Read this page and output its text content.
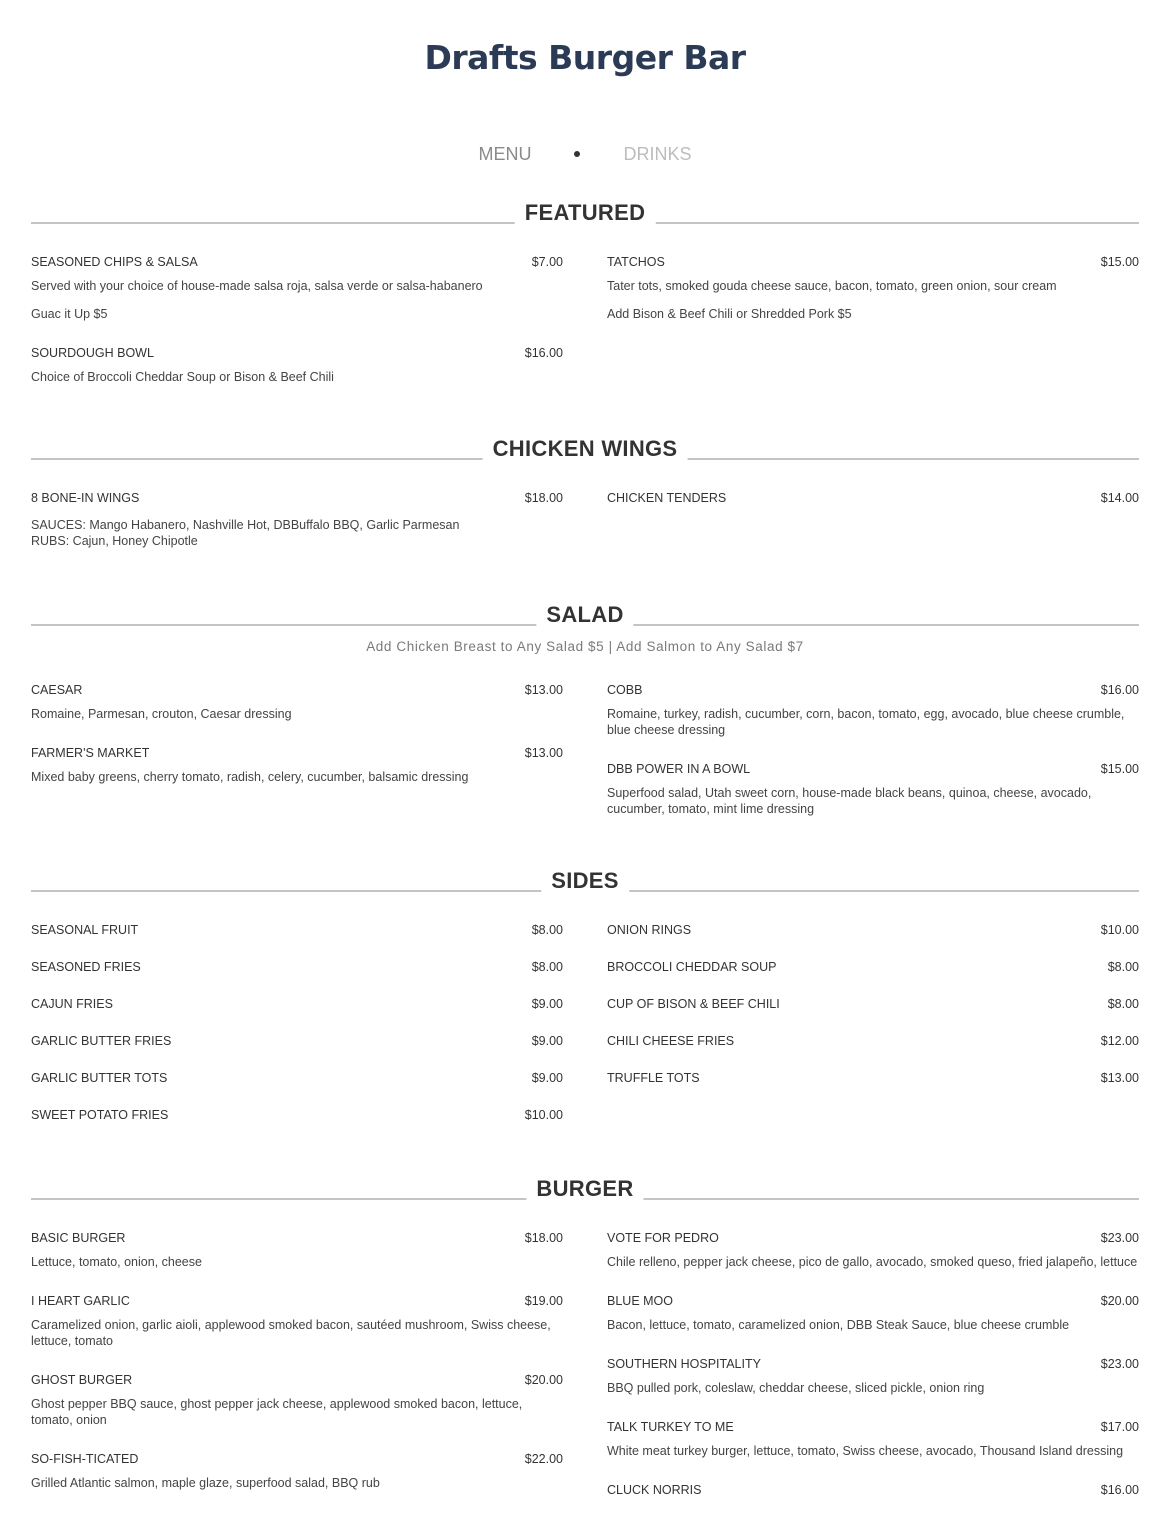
Drafts Burger Bar
MENU	DRINKS
FEATURED
SEASONED CHIPS & SALSA	$7.00
Served with your choice of house-made salsa roja, salsa verde or salsa-habanero
Guac it Up $5
SOURDOUGH BOWL	$16.00
Choice of Broccoli Cheddar Soup or Bison & Beef Chili
TATCHOS	$15.00
Tater tots, smoked gouda cheese sauce, bacon, tomato, green onion, sour cream
Add Bison & Beef Chili or Shredded Pork $5
CHICKEN WINGS
8 BONE-IN WINGS	$18.00
SAUCES: Mango Habanero, Nashville Hot, DBBuffalo BBQ, Garlic Parmesan
RUBS: Cajun, Honey Chipotle
CHICKEN TENDERS	$14.00
SALAD
Add Chicken Breast to Any Salad $5 | Add Salmon to Any Salad $7
CAESAR	$13.00
Romaine, Parmesan, crouton, Caesar dressing
FARMER'S MARKET	$13.00
Mixed baby greens, cherry tomato, radish, celery, cucumber, balsamic dressing
COBB	$16.00
Romaine, turkey, radish, cucumber, corn, bacon, tomato, egg, avocado, blue cheese crumble, blue cheese dressing
DBB POWER IN A BOWL	$15.00
Superfood salad, Utah sweet corn, house-made black beans, quinoa, cheese, avocado, cucumber, tomato, mint lime dressing
SIDES
SEASONAL FRUIT	$8.00
SEASONED FRIES	$8.00
CAJUN FRIES	$9.00
GARLIC BUTTER FRIES	$9.00
GARLIC BUTTER TOTS	$9.00
SWEET POTATO FRIES	$10.00
ONION RINGS	$10.00
BROCCOLI CHEDDAR SOUP	$8.00
CUP OF BISON & BEEF CHILI	$8.00
CHILI CHEESE FRIES	$12.00
TRUFFLE TOTS	$13.00
BURGER
BASIC BURGER	$18.00
Lettuce, tomato, onion, cheese
I HEART GARLIC	$19.00
Caramelized onion, garlic aioli, applewood smoked bacon, sautéed mushroom, Swiss cheese, lettuce, tomato
GHOST BURGER	$20.00
Ghost pepper BBQ sauce, ghost pepper jack cheese, applewood smoked bacon, lettuce, tomato, onion
SO-FISH-TICATED	$22.00
Grilled Atlantic salmon, maple glaze, superfood salad, BBQ rub
VOTE FOR PEDRO	$23.00
Chile relleno, pepper jack cheese, pico de gallo, avocado, smoked queso, fried jalapeño, lettuce
BLUE MOO	$20.00
Bacon, lettuce, tomato, caramelized onion, DBB Steak Sauce, blue cheese crumble
SOUTHERN HOSPITALITY	$23.00
BBQ pulled pork, coleslaw, cheddar cheese, sliced pickle, onion ring
TALK TURKEY TO ME	$17.00
White meat turkey burger, lettuce, tomato, Swiss cheese, avocado, Thousand Island dressing
CLUCK NORRIS	$16.00
